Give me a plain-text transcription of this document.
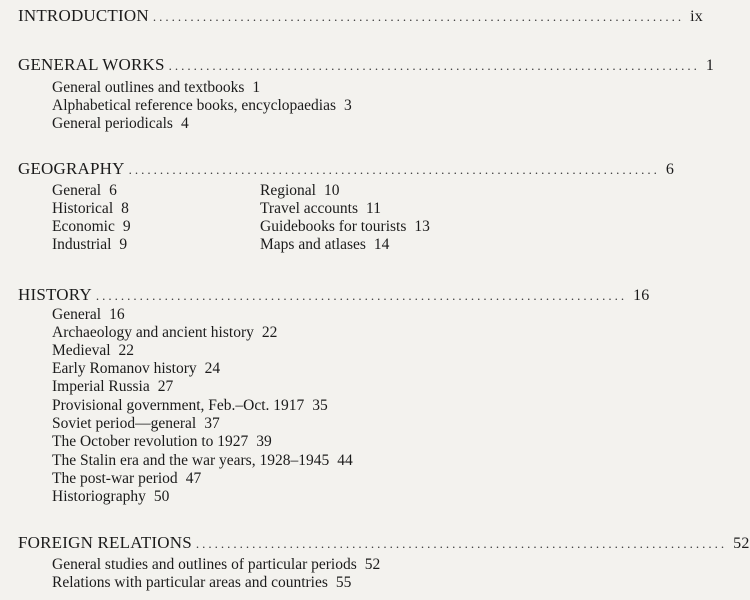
INTRODUCTION ..................................................................................... ix
GENERAL WORKS ..................................................................................... 1
General outlines and textbooks 1
Alphabetical reference books, encyclopaedias 3
General periodicals 4
GEOGRAPHY ..................................................................................... 6
General 6
Historical 8
Economic 9
Industrial 9
Regional 10
Travel accounts 11
Guidebooks for tourists 13
Maps and atlases 14
HISTORY ..................................................................................... 16
General 16
Archaeology and ancient history 22
Medieval 22
Early Romanov history 24
Imperial Russia 27
Provisional government, Feb.–Oct. 1917 35
Soviet period—general 37
The October revolution to 1927 39
The Stalin era and the war years, 1928–1945 44
The post-war period 47
Historiography 50
FOREIGN RELATIONS ..................................................................................... 52
General studies and outlines of particular periods 52
Relations with particular areas and countries 55
